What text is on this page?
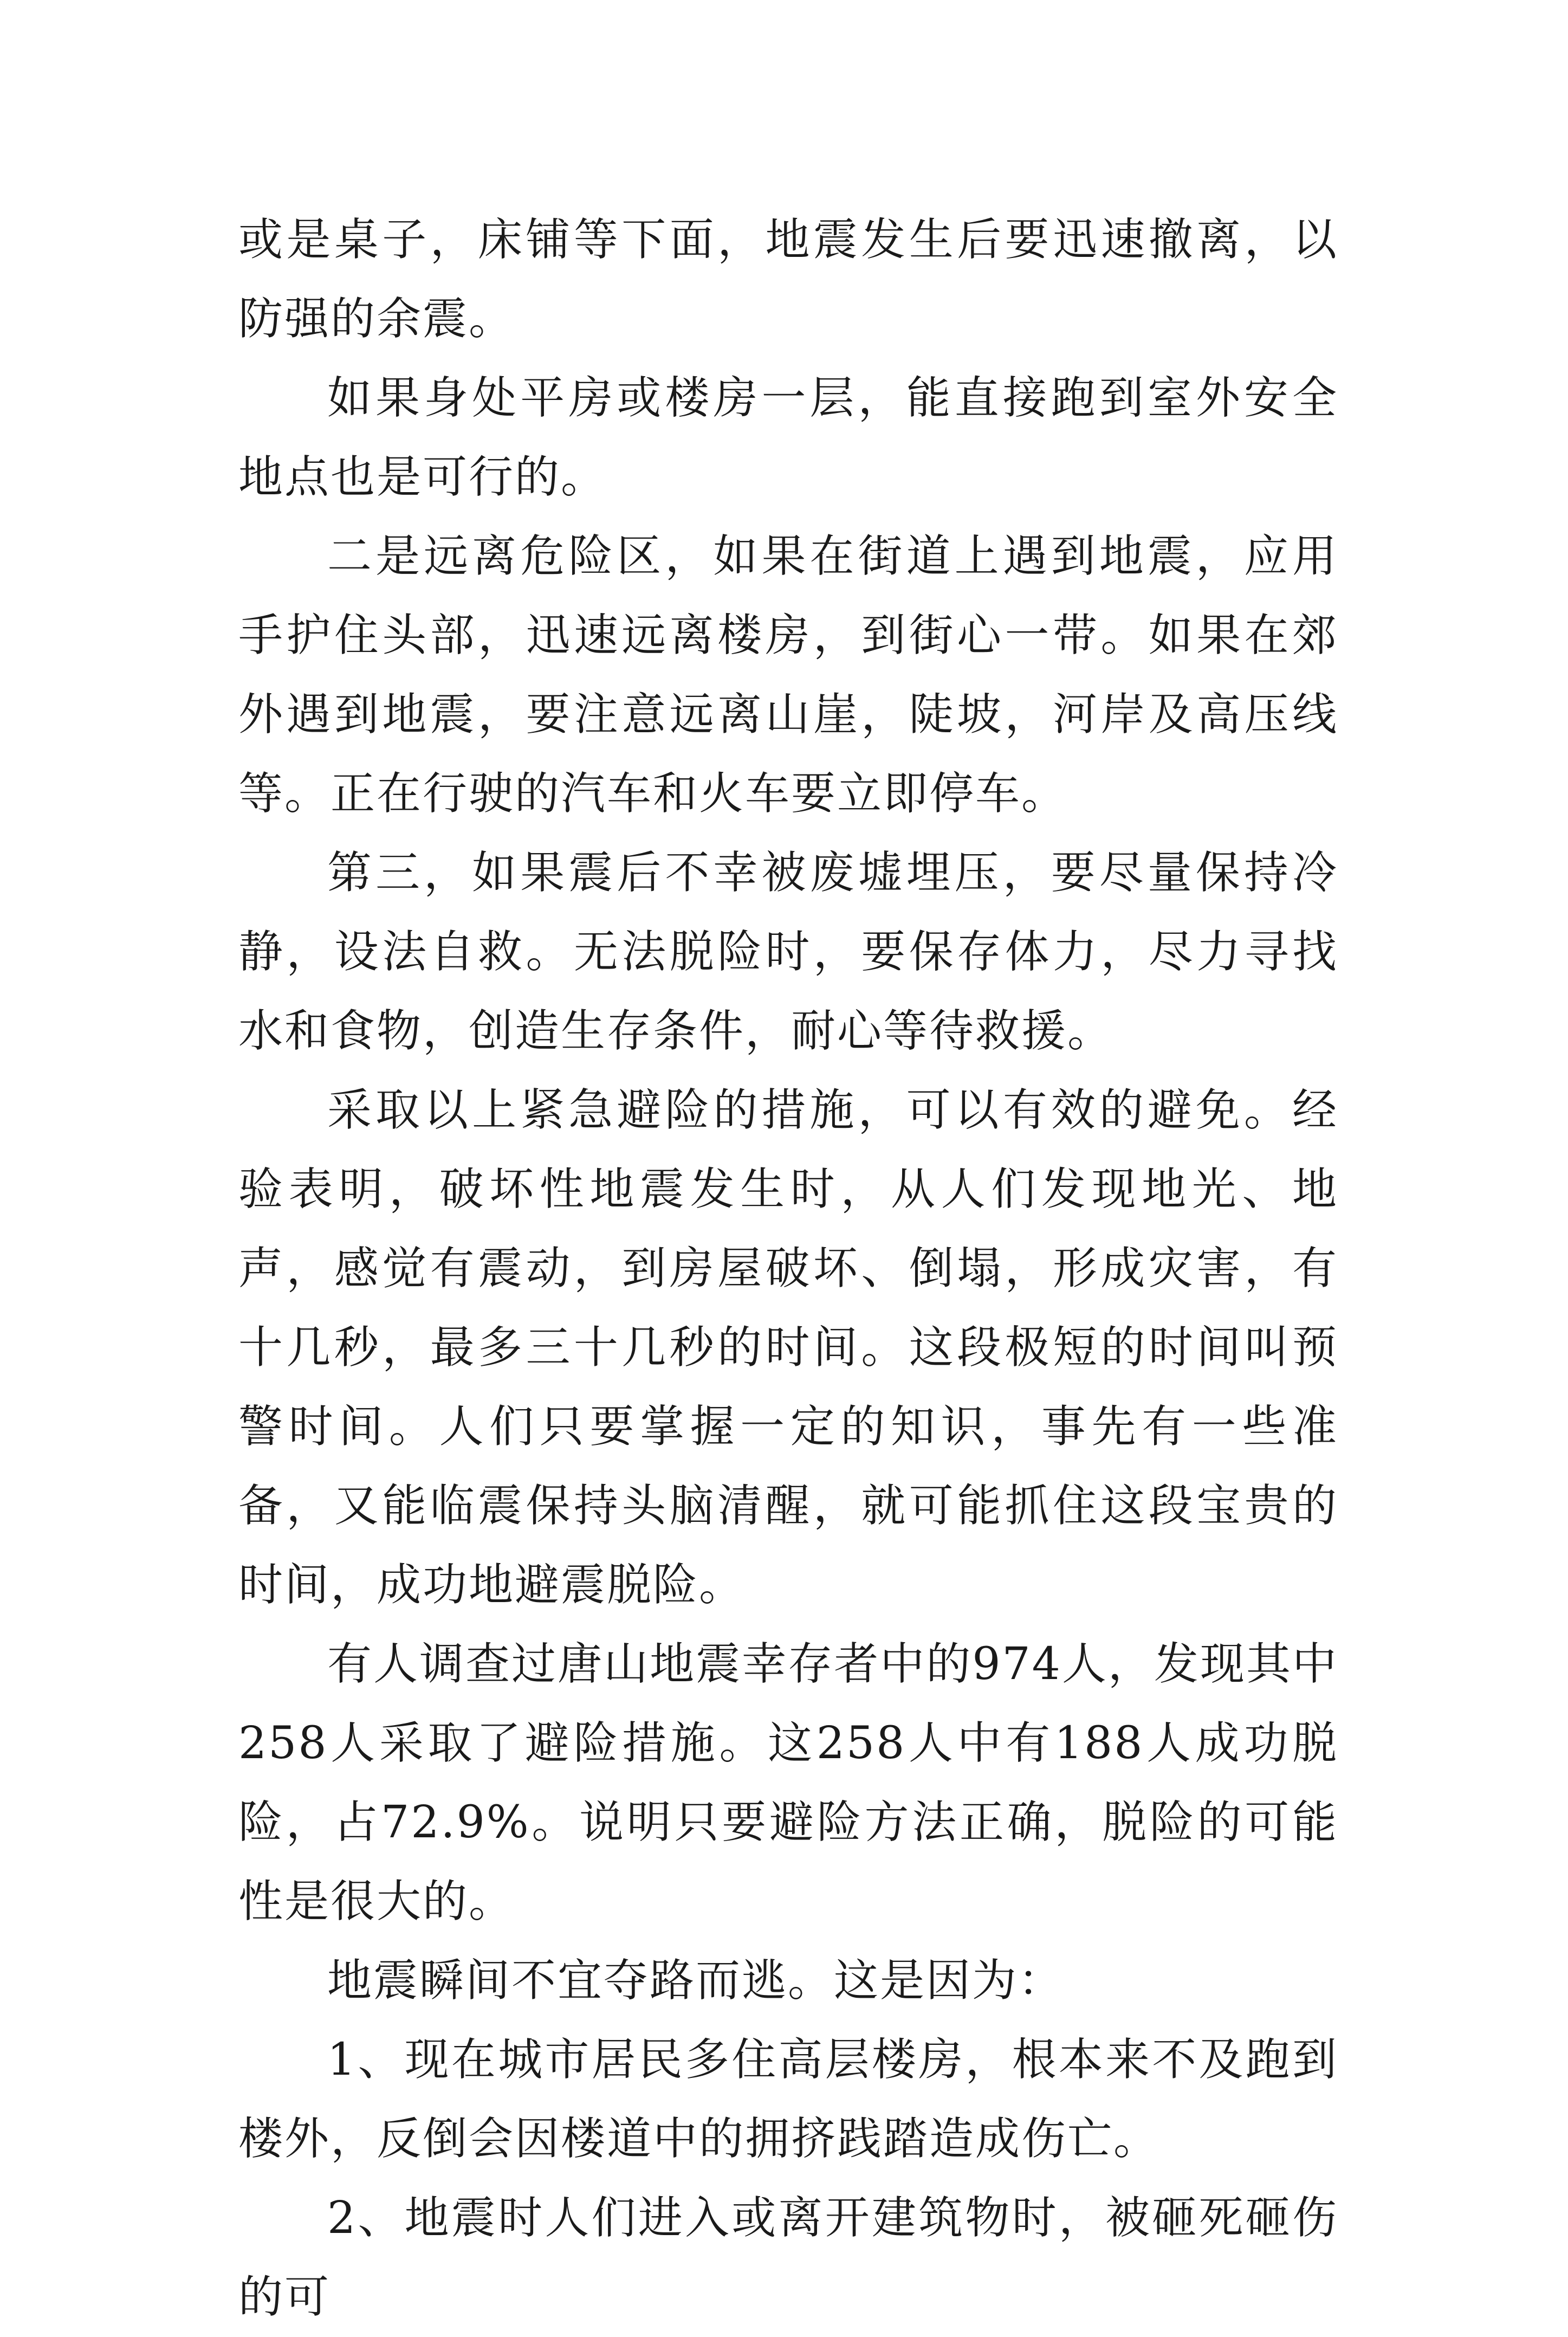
或是桌子，床铺等下面，地震发生后要迅速撤离，以防强的余震。

如果身处平房或楼房一层，能直接跑到室外安全地点也是可行的。

二是远离危险区，如果在街道上遇到地震，应用手护住头部，迅速远离楼房，到街心一带。如果在郊外遇到地震，要注意远离山崖，陡坡，河岸及高压线等。正在行驶的汽车和火车要立即停车。

第三，如果震后不幸被废墟埋压，要尽量保持冷静，设法自救。无法脱险时，要保存体力，尽力寻找水和食物，创造生存条件，耐心等待救援。

采取以上紧急避险的措施，可以有效的避免。经验表明，破坏性地震发生时，从人们发现地光、地声，感觉有震动，到房屋破坏、倒塌，形成灾害，有十几秒，最多三十几秒的时间。这段极短的时间叫预警时间。人们只要掌握一定的知识，事先有一些准备，又能临震保持头脑清醒，就可能抓住这段宝贵的时间，成功地避震脱险。

有人调查过唐山地震幸存者中的974人，发现其中258人采取了避险措施。这258人中有188人成功脱险，占72.9%。说明只要避险方法正确，脱险的可能性是很大的。

地震瞬间不宜夺路而逃。这是因为：

1、现在城市居民多住高层楼房，根本来不及跑到楼外，反倒会因楼道中的拥挤践踏造成伤亡。

2、地震时人们进入或离开建筑物时，被砸死砸伤的可
